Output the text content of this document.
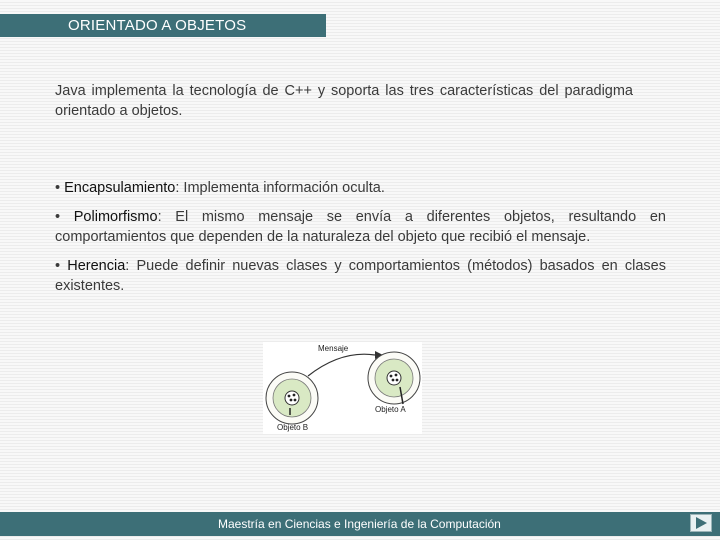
ORIENTADO A OBJETOS
Java implementa la tecnología de C++ y soporta las tres características del paradigma orientado a objetos.
• Encapsulamiento: Implementa información oculta.
• Polimorfismo: El mismo mensaje se envía a diferentes objetos, resultando en comportamientos que dependen de la naturaleza del objeto que recibió el mensaje.
• Herencia: Puede definir nuevas clases y comportamientos (métodos) basados en clases existentes.
Mensaje
Objeto B
Objeto A
Maestría en Ciencias e Ingeniería de la Computación
